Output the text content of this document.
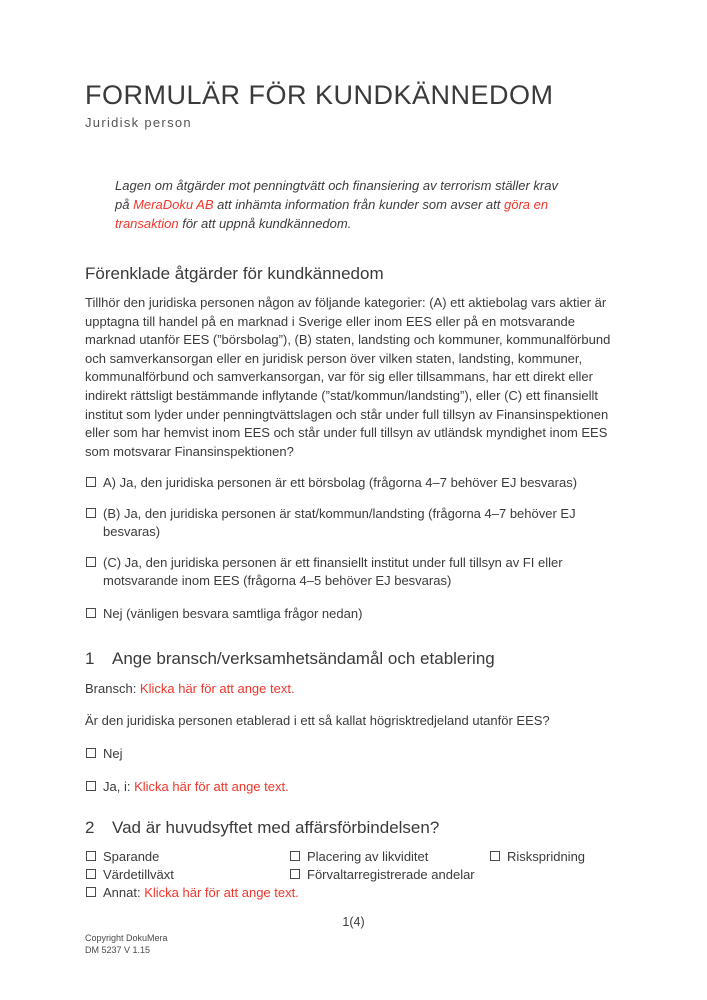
FORMULÄR FÖR KUNDKÄNNEDOM
Juridisk person

Lagen om åtgärder mot penningtvätt och finansiering av terrorism ställer krav på MeraDoku AB att inhämta information från kunder som avser att göra en transaktion för att uppnå kundkännedom.

Förenklade åtgärder för kundkännedom

Tillhör den juridiska personen någon av följande kategorier: (A) ett aktiebolag vars aktier är upptagna till handel på en marknad i Sverige eller inom EES eller på en motsvarande marknad utanför EES (”börsbolag”), (B) staten, landsting och kommuner, kommunalförbund och samverkansorgan eller en juridisk person över vilken staten, landsting, kommuner, kommunalförbund och samverkansorgan, var för sig eller tillsammans, har ett direkt eller indirekt rättsligt bestämmande inflytande (”stat/kommun/landsting”), eller (C) ett finansiellt institut som lyder under penningtvättslagen och står under full tillsyn av Finansinspektionen eller som har hemvist inom EES och står under full tillsyn av utländsk myndighet inom EES som motsvarar Finansinspektionen?

A) Ja, den juridiska personen är ett börsbolag (frågorna 4–7 behöver EJ besvaras)
(B) Ja, den juridiska personen är stat/kommun/landsting (frågorna 4–7 behöver EJ besvaras)
(C) Ja, den juridiska personen är ett finansiellt institut under full tillsyn av FI eller motsvarande inom EES (frågorna 4–5 behöver EJ besvaras)
Nej (vänligen besvara samtliga frågor nedan)
1 Ange bransch/verksamhetsändamål och etablering
Bransch: Klicka här för att ange text.
Är den juridiska personen etablerad i ett så kallat högrisktredjeland utanför EES?
Nej
Ja, i: Klicka här för att ange text.
2 Vad är huvudsyftet med affärsförbindelsen?
Sparande	Placering av likviditet	Riskspridning
Värdetillväxt	Förvaltarregistrerade andelar
Annat: Klicka här för att ange text.
1(4)
Copyright DokuMera
DM 5237 V 1.15
